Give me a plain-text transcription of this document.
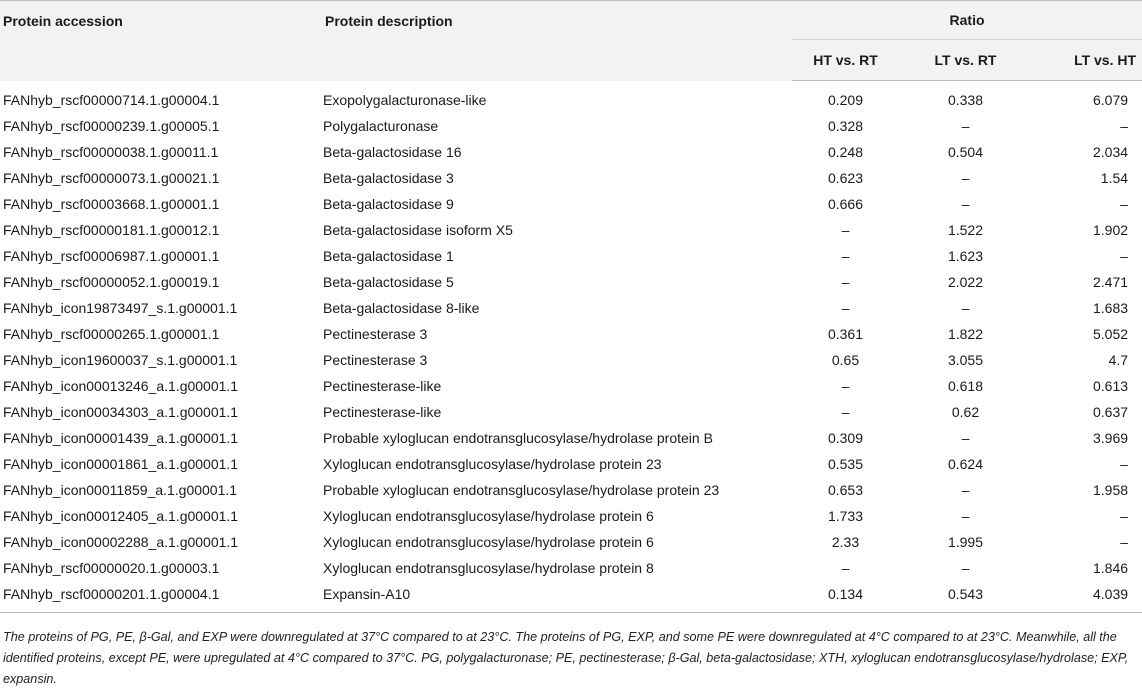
Protein accession	Protein description	Ratio		
		HT vs. RT	LT vs. RT	LT vs. HT
FANhyb_rscf00000714.1.g00004.1	Exopolygalacturonase-like	0.209	0.338	6.079
FANhyb_rscf00000239.1.g00005.1	Polygalacturonase	0.328	–	–
FANhyb_rscf00000038.1.g00011.1	Beta-galactosidase 16	0.248	0.504	2.034
FANhyb_rscf00000073.1.g00021.1	Beta-galactosidase 3	0.623	–	1.54
FANhyb_rscf00003668.1.g00001.1	Beta-galactosidase 9	0.666	–	–
FANhyb_rscf00000181.1.g00012.1	Beta-galactosidase isoform X5	–	1.522	1.902
FANhyb_rscf00006987.1.g00001.1	Beta-galactosidase 1	–	1.623	–
FANhyb_rscf00000052.1.g00019.1	Beta-galactosidase 5	–	2.022	2.471
FANhyb_icon19873497_s.1.g00001.1	Beta-galactosidase 8-like	–	–	1.683
FANhyb_rscf00000265.1.g00001.1	Pectinesterase 3	0.361	1.822	5.052
FANhyb_icon19600037_s.1.g00001.1	Pectinesterase 3	0.65	3.055	4.7
FANhyb_icon00013246_a.1.g00001.1	Pectinesterase-like	–	0.618	0.613
FANhyb_icon00034303_a.1.g00001.1	Pectinesterase-like	–	0.62	0.637
FANhyb_icon00001439_a.1.g00001.1	Probable xyloglucan endotransglucosylase/hydrolase protein B	0.309	–	3.969
FANhyb_icon00001861_a.1.g00001.1	Xyloglucan endotransglucosylase/hydrolase protein 23	0.535	0.624	–
FANhyb_icon00011859_a.1.g00001.1	Probable xyloglucan endotransglucosylase/hydrolase protein 23	0.653	–	1.958
FANhyb_icon00012405_a.1.g00001.1	Xyloglucan endotransglucosylase/hydrolase protein 6	1.733	–	–
FANhyb_icon00002288_a.1.g00001.1	Xyloglucan endotransglucosylase/hydrolase protein 6	2.33	1.995	–
FANhyb_rscf00000020.1.g00003.1	Xyloglucan endotransglucosylase/hydrolase protein 8	–	–	1.846
FANhyb_rscf00000201.1.g00004.1	Expansin-A10	0.134	0.543	4.039
The proteins of PG, PE, β-Gal, and EXP were downregulated at 37°C compared to at 23°C. The proteins of PG, EXP, and some PE were downregulated at 4°C compared to at 23°C. Meanwhile, all the identified proteins, except PE, were upregulated at 4°C compared to 37°C. PG, polygalacturonase; PE, pectinesterase; β-Gal, beta-galactosidase; XTH, xyloglucan endotransglucosylase/hydrolase; EXP, expansin.
